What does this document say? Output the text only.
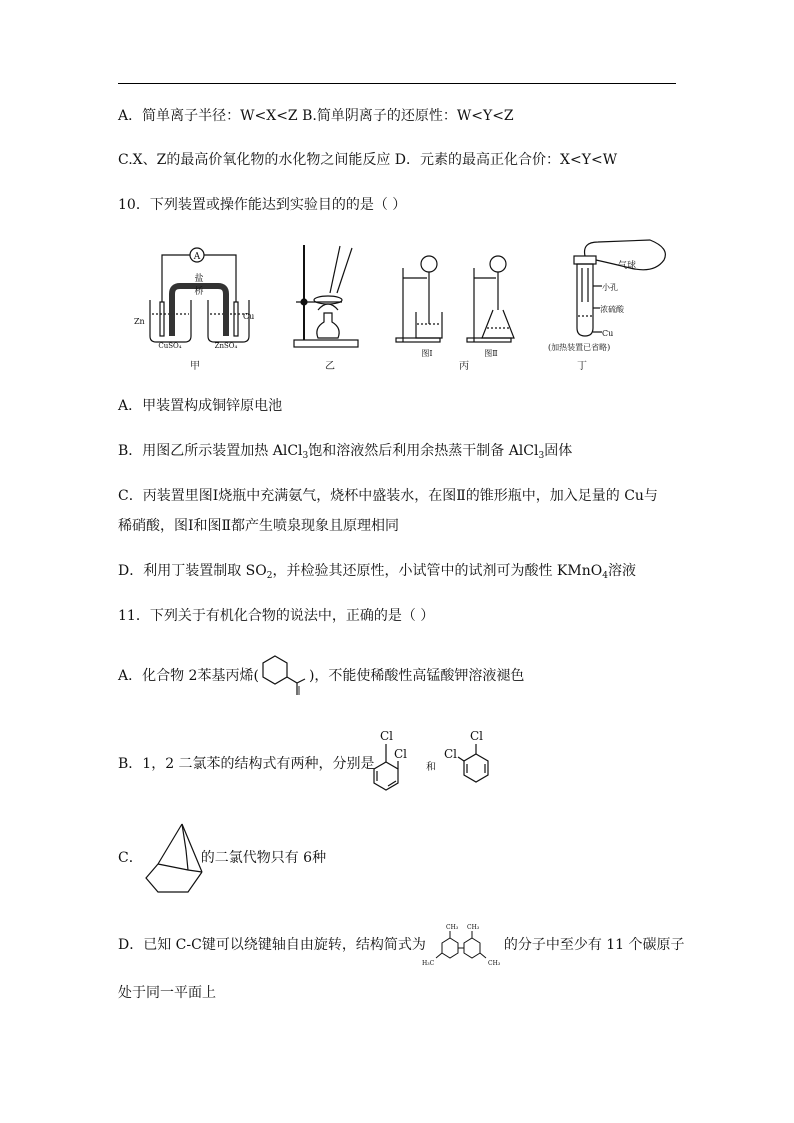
A．简单离子半径：W<X<Z B.简单阴离子的还原性：W<Y<Z
C.X、Z的最高价氧化物的水化物之间能反应 D．元素的最高正化合价：X<Y<W
10．下列装置或操作能达到实验目的的是（ ）
A
盐
桥
Zn
Cu
CuSO₄	ZnSO₄
甲	乙
图Ⅰ	图Ⅱ
丙
气球
小孔
浓硫酸
Cu
(加热装置已省略)
丁
A．甲装置构成铜锌原电池
B．用图乙所示装置加热 AlCl$_3$饱和溶液然后利用余热蒸干制备 AlCl$_3$固体
C．丙装置里图Ⅰ烧瓶中充满氨气，烧杯中盛装水，在图Ⅱ的锥形瓶中，加入足量的 Cu与
稀硝酸，图Ⅰ和图Ⅱ都产生喷泉现象且原理相同
D．利用丁装置制取 $SO_2$，并检验其还原性，小试管中的试剂可为酸性 KMnO$_4$溶液
11．下列关于有机化合物的说法中，正确的是（ ）
A．化合物 2苯基丙烯(	)，不能使稀酸性高锰酸钾溶液褪色
B．1，2 二氯苯的结构式有两种，分别是
Cl
Cl
和
Cl
Cl
C．	的二氯代物只有 6种
D．已知 C-C键可以绕键轴自由旋转，结构简式为	的分子中至少有 11 个碳原子
CH₃ CH₃
H₃C	CH₃
处于同一平面上
